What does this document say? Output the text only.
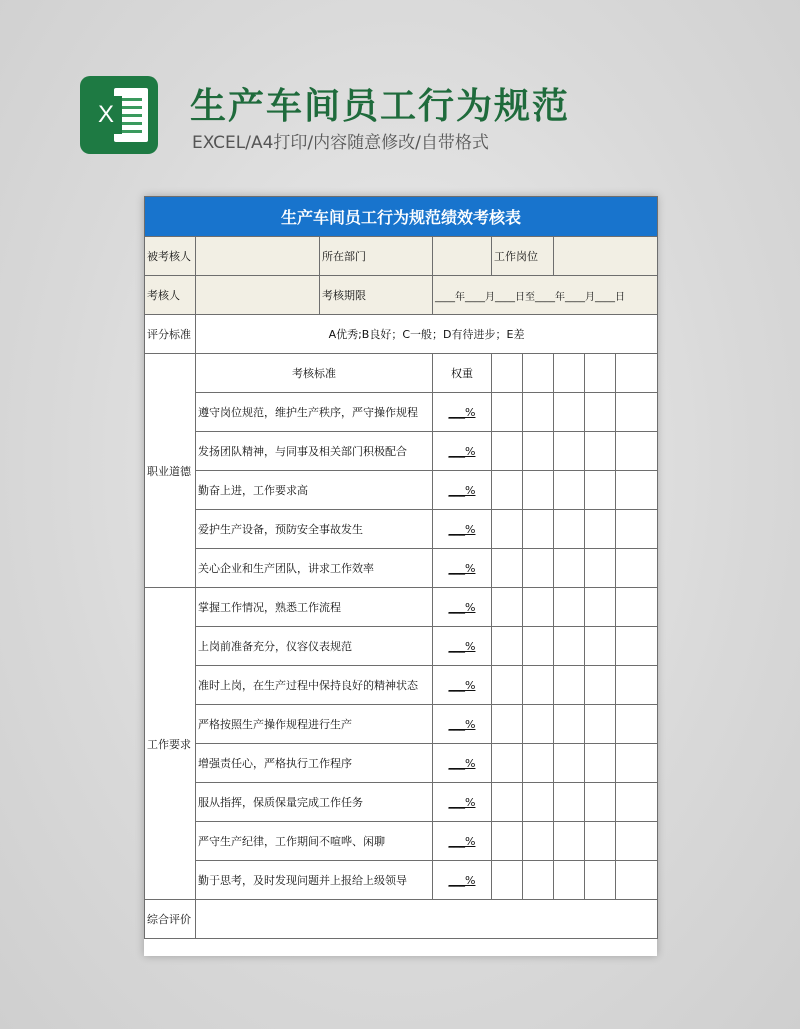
X 生产车间员工行为规范
EXCEL/A4打印/内容随意修改/自带格式
生产车间员工行为规范绩效考核表								
被考核人		所在部门		工作岗位				
考核人		考核期限	____年____月____日至____年____月____日					
评分标准	A优秀;B良好；C一般；D有待进步；E差							
职业道德	考核标准		权重					
	遵守岗位规范，维护生产秩序，严守操作规程		___%					
	发扬团队精神，与同事及相关部门积极配合		___%					
	勤奋上进，工作要求高		___%					
	爱护生产设备，预防安全事故发生		___%					
	关心企业和生产团队，讲求工作效率		___%					
工作要求	掌握工作情况，熟悉工作流程		___%					
	上岗前准备充分，仪容仪表规范		___%					
	准时上岗，在生产过程中保持良好的精神状态		___%					
	严格按照生产操作规程进行生产		___%					
	增强责任心，严格执行工作程序		___%					
	服从指挥，保质保量完成工作任务		___%					
	严守生产纪律，工作期间不喧哗、闲聊		___%					
	勤于思考，及时发现问题并上报给上级领导		___%					
综合评价								
